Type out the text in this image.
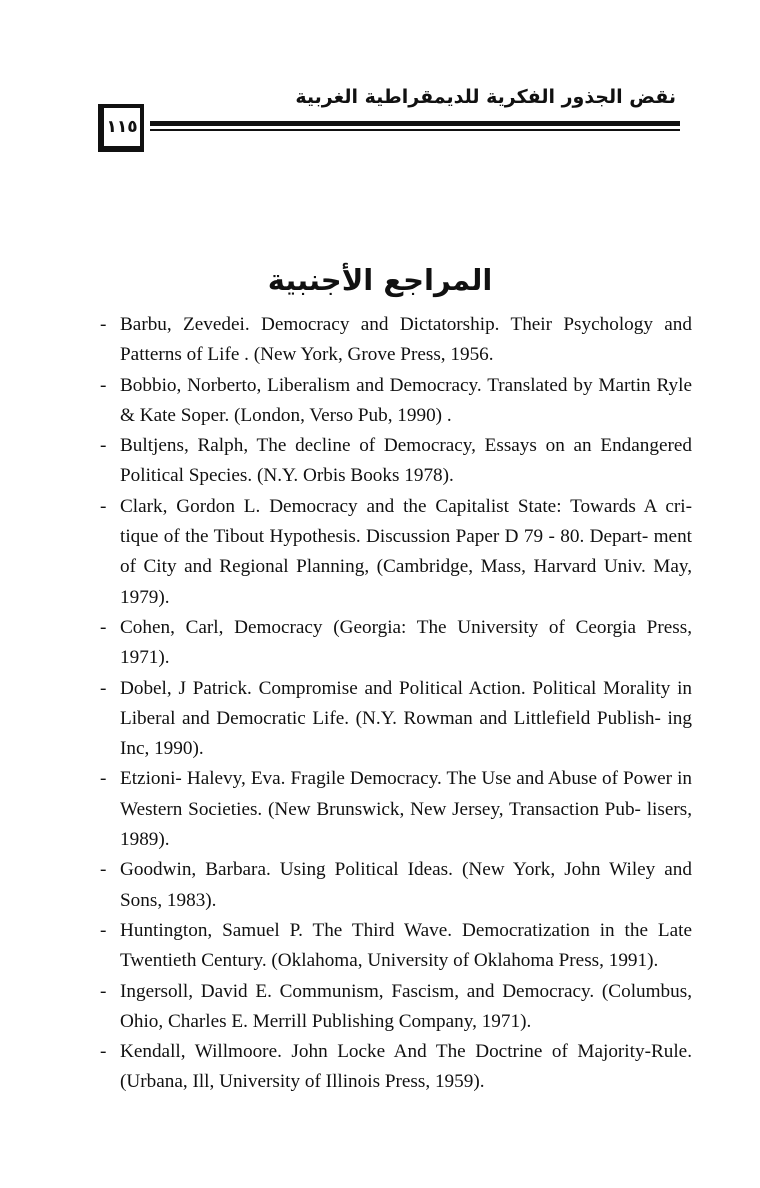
نقض الجذور الفكرية للديمقراطية الغربية
١١٥
المراجع الأجنبية
- Barbu, Zevedei. Democracy and Dictatorship. Their Psychology and Patterns of Life . (New York, Grove Press, 1956.
- Bobbio, Norberto, Liberalism and Democracy. Translated by Martin Ryle & Kate Soper. (London, Verso Pub, 1990) .
- Bultjens, Ralph, The decline of Democracy, Essays on an Endangered Political Species. (N.Y. Orbis Books 1978).
- Clark, Gordon L. Democracy and the Capitalist State: Towards A cri- tique of the Tibout Hypothesis. Discussion Paper D 79 - 80. Depart- ment of City and Regional Planning, (Cambridge, Mass, Harvard Univ. May, 1979).
- Cohen, Carl, Democracy (Georgia: The University of Ceorgia Press, 1971).
- Dobel, J Patrick. Compromise and Political Action. Political Morality in Liberal and Democratic Life. (N.Y. Rowman and Littlefield Publish- ing Inc, 1990).
- Etzioni- Halevy, Eva. Fragile Democracy. The Use and Abuse of Power in Western Societies. (New Brunswick, New Jersey, Transaction Pub- lisers, 1989).
- Goodwin, Barbara. Using Political Ideas. (New York, John Wiley and Sons, 1983).
- Huntington, Samuel P. The Third Wave. Democratization in the Late Twentieth Century. (Oklahoma, University of Oklahoma Press, 1991).
- Ingersoll, David E. Communism, Fascism, and Democracy. (Columbus, Ohio, Charles E. Merrill Publishing Company, 1971).
- Kendall, Willmoore. John Locke And The Doctrine of Majority-Rule. (Urbana, Ill, University of Illinois Press, 1959).
